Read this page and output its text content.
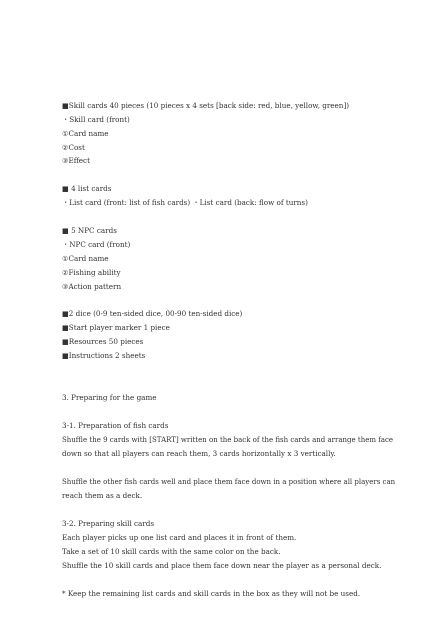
■Skill cards 40 pieces (10 pieces x 4 sets [back side: red, blue, yellow, green])
・Skill card (front)
①Card name
②Cost
③Effect
■ 4 list cards
・List card (front: list of fish cards) ・List card (back: flow of turns)
■ 5 NPC cards
・NPC card (front)
①Card name
②Fishing ability
③Action pattern
■2 dice (0-9 ten-sided dice, 00-90 ten-sided dice)
■Start player marker 1 piece
■Resources 50 pieces
■Instructions 2 sheets
3. Preparing for the game
3-1. Preparation of fish cards
Shuffle the 9 cards with [START] written on the back of the fish cards and arrange them face
down so that all players can reach them, 3 cards horizontally x 3 vertically.
Shuffle the other fish cards well and place them face down in a position where all players can
reach them as a deck.
3-2. Preparing skill cards
Each player picks up one list card and places it in front of them.
Take a set of 10 skill cards with the same color on the back.
Shuffle the 10 skill cards and place them face down near the player as a personal deck.
* Keep the remaining list cards and skill cards in the box as they will not be used.
